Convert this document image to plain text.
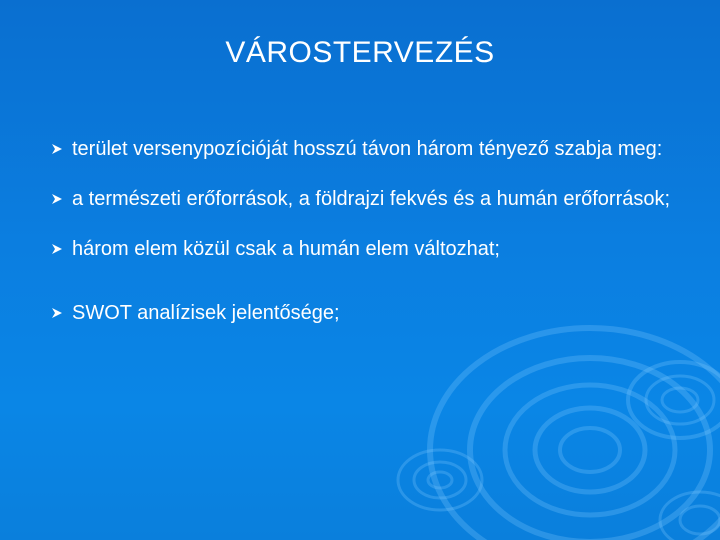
VÁROSTERVEZÉS
terület versenypozícióját hosszú távon három tényező szabja meg:
a természeti erőforrások, a földrajzi fekvés és a humán erőforrások;
három elem közül csak a humán elem változhat;
SWOT analízisek jelentősége;
